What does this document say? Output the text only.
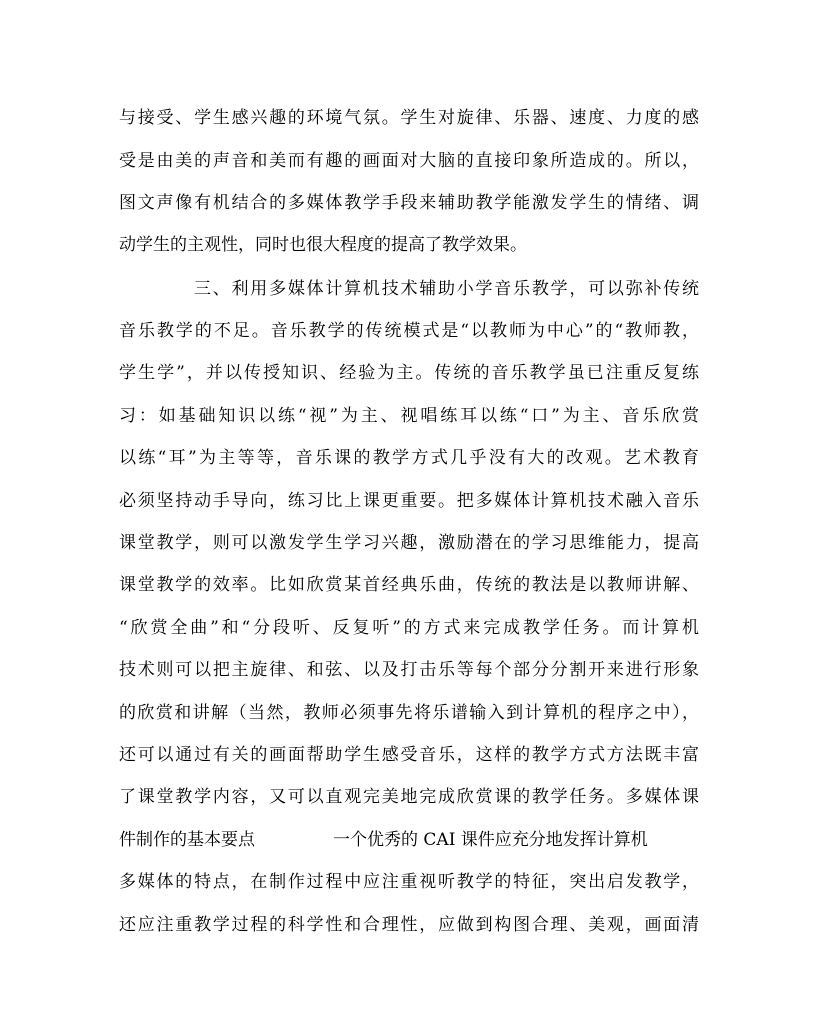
与接受、学生感兴趣的环境气氛。学生对旋律、乐器、速度、力度的感
受是由美的声音和美而有趣的画面对大脑的直接印象所造成的。所以，
图文声像有机结合的多媒体教学手段来辅助教学能激发学生的情绪、调
动学生的主观性，同时也很大程度的提高了教学效果。
三、利用多媒体计算机技术辅助小学音乐教学，可以弥补传统
音乐教学的不足。音乐教学的传统模式是“以教师为中心”的“教师教，
学生学”，并以传授知识、经验为主。传统的音乐教学虽已注重反复练
习：如基础知识以练“视”为主、视唱练耳以练“口”为主、音乐欣赏
以练“耳”为主等等，音乐课的教学方式几乎没有大的改观。艺术教育
必须坚持动手导向，练习比上课更重要。把多媒体计算机技术融入音乐
课堂教学，则可以激发学生学习兴趣，激励潜在的学习思维能力，提高
课堂教学的效率。比如欣赏某首经典乐曲，传统的教法是以教师讲解、
“欣赏全曲”和“分段听、反复听”的方式来完成教学任务。而计算机
技术则可以把主旋律、和弦、以及打击乐等每个部分分割开来进行形象
的欣赏和讲解（当然，教师必须事先将乐谱输入到计算机的程序之中），
还可以通过有关的画面帮助学生感受音乐，这样的教学方式方法既丰富
了课堂教学内容，又可以直观完美地完成欣赏课的教学任务。多媒体课
件制作的基本要点	一个优秀的 CAI 课件应充分地发挥计算机
多媒体的特点，在制作过程中应注重视听教学的特征，突出启发教学，
还应注重教学过程的科学性和合理性，应做到构图合理、美观，画面清
